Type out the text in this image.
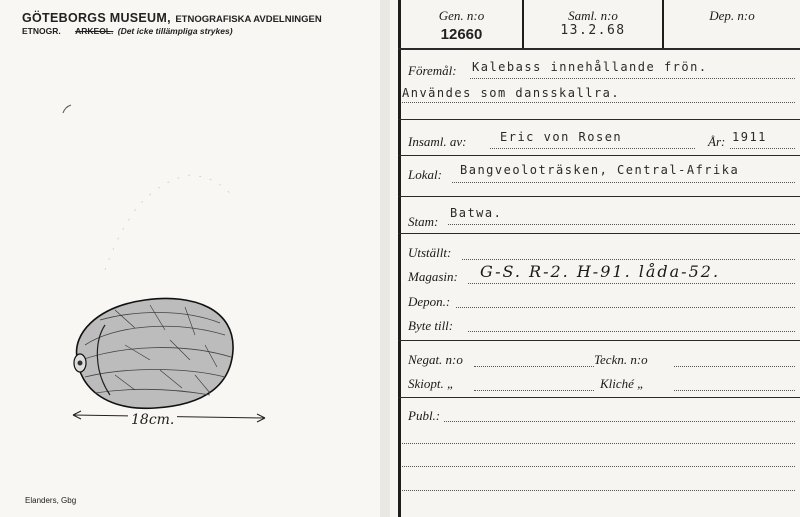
GÖTEBORGS MUSEUM, ETNOGRAFISKA AVDELNINGEN
ETNOGR. ARKEOL. (Det icke tillämpliga strykes)
18cm.
Elanders, Gbg
Gen. n:o
12660
Saml. n:o
13.2.68
Dep. n:o
Föremål: Kalebass innehållande frön.
Användes som dansskallra.
Insaml. av:	Eric von Rosen	År: 1911
Lokal: Bangveoloträsken, Central-Afrika
Stam:
Batwa.
Utställt:
Magasin: G-S. R-2. H-91. låda-52.
Depon.:
Byte till:
Negat. n:o	Teckn. n:o
Skiopt. „	Kliché „
Publ.:
